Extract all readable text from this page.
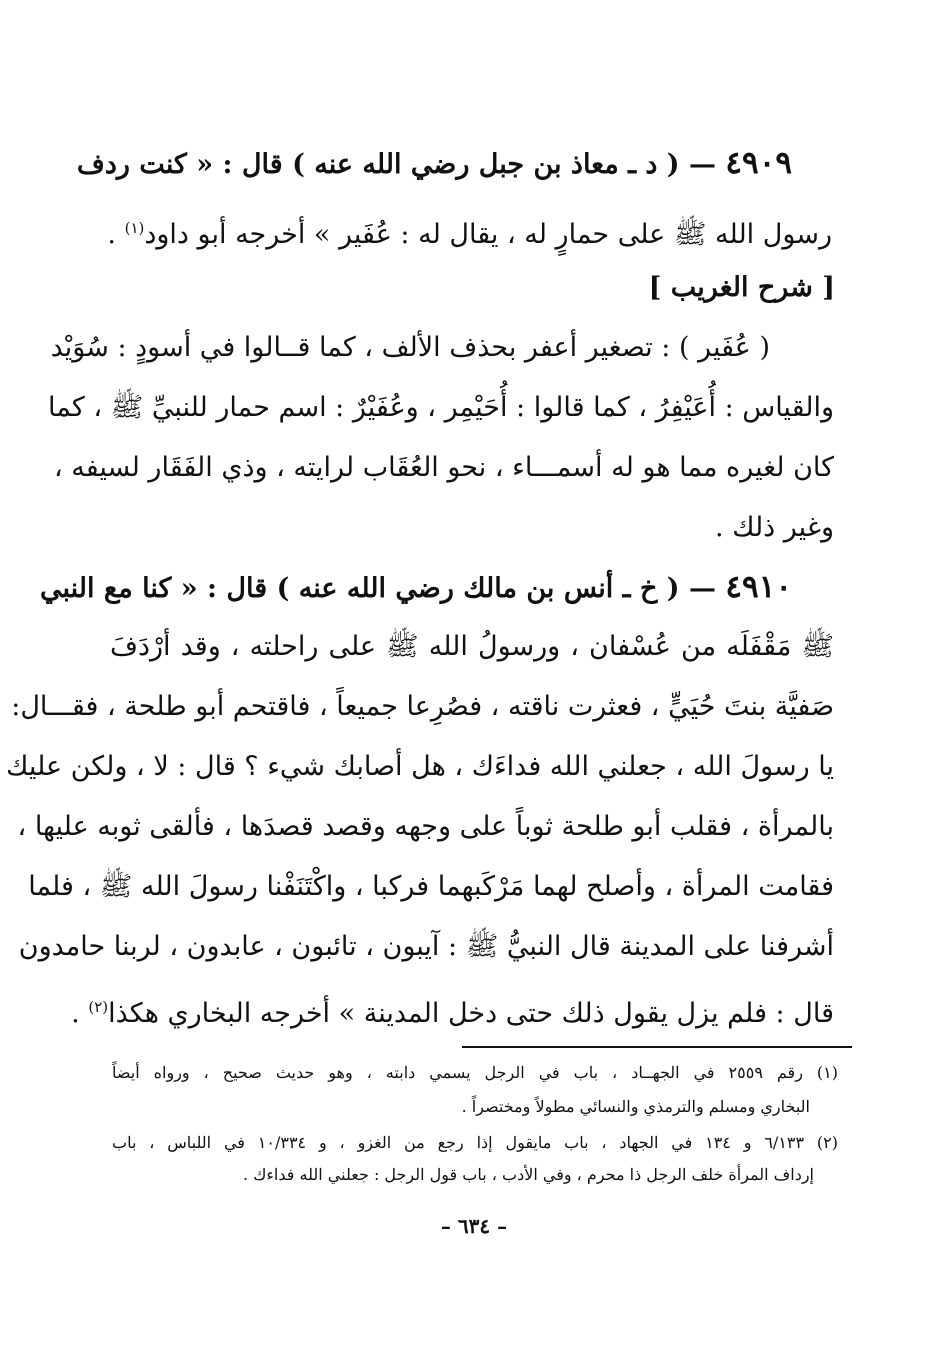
٤٩٠٩ — ( د ـ معاذ بن جبل رضي الله عنه ) قال : « كنت ردف
رسول الله ﷺ على حمارٍ له ، يقال له : عُفَير » أخرجه أبو داود$^{(١)}$ .
[ شرح الغريب ]
( عُفَير ) : تصغير أعفر بحذف الألف ، كما قــالوا في أسودٍ : سُوَيْد
والقياس : أُعَيْفِرُ ، كما قالوا : أُحَيْمِر ، وعُفَيْرٌ : اسم حمار للنبيِّ ﷺ ، كما
كان لغيره مما هو له أسمـــاء ، نحو العُقَاب لرايته ، وذي الفَقَار لسيفه ،
وغير ذلك .
٤٩١٠ — ( خ ـ أنس بن مالك رضي الله عنه ) قال : « كنا مع النبي
ﷺ مَقْفَلَه من عُسْفان ، ورسولُ الله ﷺ على راحلته ، وقد أرْدَفَ
صَفيَّة بنتَ حُيَيٍّ ، فعثرت ناقته ، فصُرِعا جميعاً ، فاقتحم أبو طلحة ، فقـــال:
يا رسولَ الله ، جعلني الله فداءَك ، هل أصابك شيء ؟ قال : لا ، ولكن عليك
بالمرأة ، فقلب أبو طلحة ثوباً على وجهه وقصد قصدَها ، فألقى ثوبه عليها ،
فقامت المرأة ، وأصلح لهما مَرْكَبهما فركبا ، واكْتَنَفْنا رسولَ الله ﷺ ، فلما
أشرفنا على المدينة قال النبيُّ ﷺ : آيبون ، تائبون ، عابدون ، لربنا حامدون
قال : فلم يزل يقول ذلك حتى دخل المدينة » أخرجه البخاري هكذا$^{(٢)}$ .
(١) رقم ٢٥٥٩ في الجهــاد ، باب في الرجل يسمي دابته ، وهو حديث صحيح ، ورواه أيضاً
البخاري ومسلم والترمذي والنسائي مطولاً ومختصراً .
(٢) ٦/١٣٣ و ١٣٤ في الجهاد ، باب مايقول إذا رجع من الغزو ، و ١٠/٣٣٤ في اللباس ، باب
إرداف المرأة خلف الرجل ذا محرم ، وفي الأدب ، باب قول الرجل : جعلني الله فداءك .
– ٦٣٤ –
